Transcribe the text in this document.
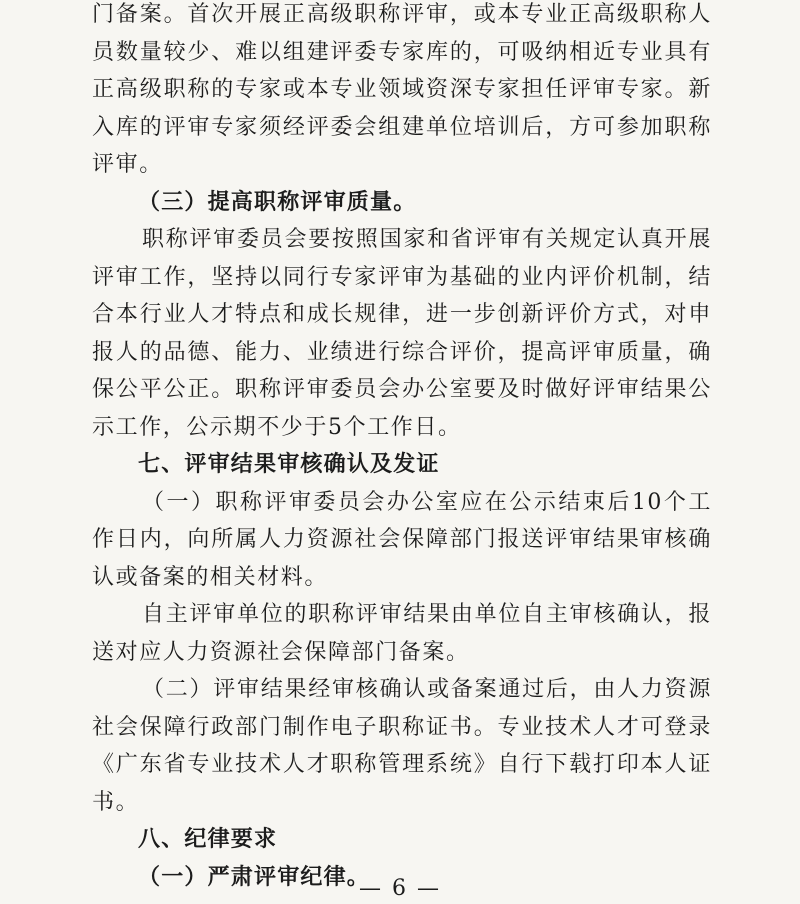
门备案。首次开展正高级职称评审，或本专业正高级职称人员数量较少、难以组建评委专家库的，可吸纳相近专业具有正高级职称的专家或本专业领域资深专家担任评审专家。新入库的评审专家须经评委会组建单位培训后，方可参加职称评审。

（三）提高职称评审质量。

职称评审委员会要按照国家和省评审有关规定认真开展评审工作，坚持以同行专家评审为基础的业内评价机制，结合本行业人才特点和成长规律，进一步创新评价方式，对申报人的品德、能力、业绩进行综合评价，提高评审质量，确保公平公正。职称评审委员会办公室要及时做好评审结果公示工作，公示期不少于5个工作日。

七、评审结果审核确认及发证

（一）职称评审委员会办公室应在公示结束后10个工作日内，向所属人力资源社会保障部门报送评审结果审核确认或备案的相关材料。

自主评审单位的职称评审结果由单位自主审核确认，报送对应人力资源社会保障部门备案。

（二）评审结果经审核确认或备案通过后，由人力资源社会保障行政部门制作电子职称证书。专业技术人才可登录《广东省专业技术人才职称管理系统》自行下载打印本人证书。

八、纪律要求

（一）严肃评审纪律。

— 6 —
